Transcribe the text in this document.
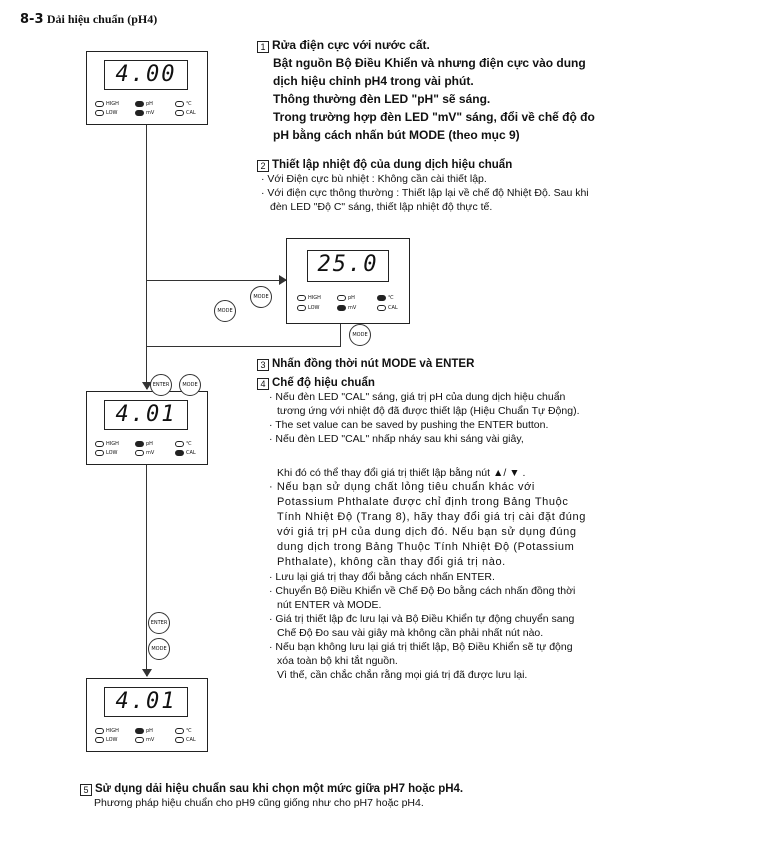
8-3 Dải hiệu chuẩn (pH4)
4.00
HIGH
LOW
pH
mV
℃
CAL
25.0
HIGH
LOW
pH
mV
℃
CAL
4.01
HIGH
LOW
pH
mV
℃
CAL
4.01
HIGH
LOW
pH
mV
℃
CAL
MODE
MODE
MODE
ENTER	MODE
ENTER
MODE
1 Rửa điện cực với nước cất.
Bật nguồn Bộ Điều Khiển và nhưng điện cực vào dung
dịch hiệu chỉnh pH4 trong vài phút.
Thông thường đèn LED "pH" sẽ sáng.
Trong trường hợp đèn LED "mV" sáng, đổi về chế độ đo
pH bằng cách nhấn bút MODE (theo mục 9)
2 Thiết lập nhiệt độ của dung dịch hiệu chuẩn
· Với Điện cực bù nhiệt : Không cần cài thiết lập.
· Với điện cực thông thường : Thiết lập lại về chế độ Nhiệt Độ. Sau khi
đèn LED "Độ C" sáng, thiết lập nhiệt độ thực tế.
3 Nhấn đồng thời nút MODE và ENTER
4 Chế độ hiệu chuẩn
· Nếu đèn LED "CAL" sáng, giá trị pH của dung dịch hiệu chuẩn
tương ứng với nhiệt độ đã được thiết lập (Hiệu Chuẩn Tự Động).
· The set value can be saved by pushing the ENTER button.
· Nếu đèn LED "CAL" nhấp nháy sau khi sáng vài giây,
Khi đó có thể thay đổi giá trị thiết lập bằng nút ▲/ ▼ .
· Nếu bạn sử dụng chất lỏng tiêu chuẩn khác với
Potassium Phthalate được chỉ định trong Bảng Thuộc
Tính Nhiệt Độ (Trang 8), hãy thay đổi giá trị cài đặt đúng
với giá trị pH của dung dịch đó. Nếu bạn sử dụng đúng
dung dịch trong Bảng Thuộc Tính Nhiệt Độ (Potassium
Phthalate), không cần thay đổi giá trị nào.
· Lưu lại giá trị thay đổi bằng cách nhấn ENTER.
· Chuyển Bộ Điều Khiển về Chế Độ Đo bằng cách nhấn đồng thời
nút ENTER và MODE.
· Giá trị thiết lập đc lưu lại và Bộ Điều Khiển tự động chuyển sang
Chế Độ Đo sau vài giây mà không cần phải nhất nút nào.
· Nếu bạn không lưu lại giá trị thiết lập, Bộ Điều Khiển sẽ tự động
xóa toàn bộ khi tắt nguồn.
Vì thế, cần chắc chắn rằng mọi giá trị đã được lưu lại.
5 Sử dụng dải hiệu chuẩn sau khi chọn một mức giữa pH7 hoặc pH4.
Phương pháp hiệu chuẩn cho pH9 cũng giống như cho pH7 hoặc pH4.
